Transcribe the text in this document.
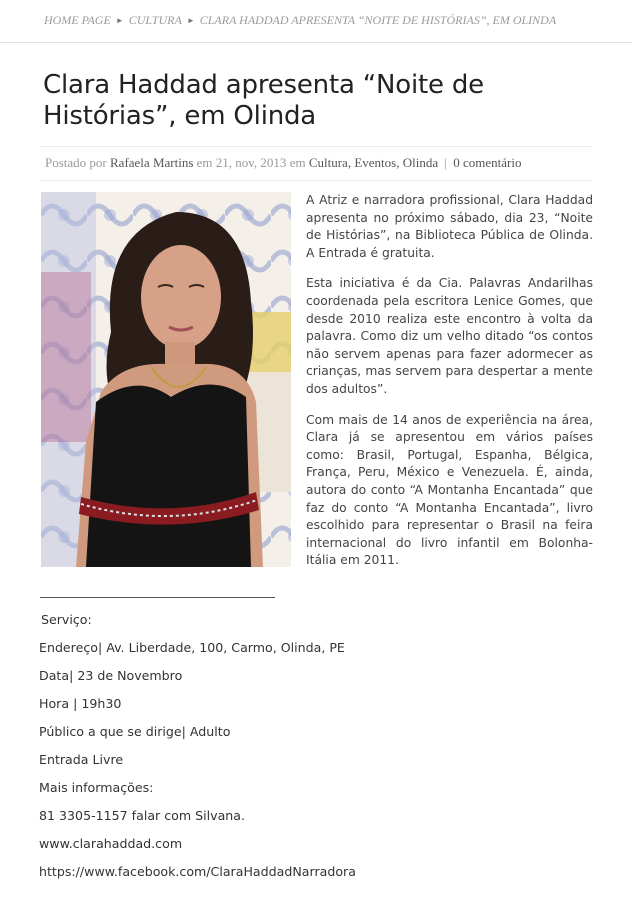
HOME PAGE ► CULTURA ► CLARA HADDAD APRESENTA “NOITE DE HISTÓRIAS”, EM OLINDA
Clara Haddad apresenta “Noite de Histórias”, em Olinda
Postado por Rafaela Martins em 21, nov, 2013 em Cultura, Eventos, Olinda | 0 comentário

A Atriz e narradora profissional, Clara Haddad apresenta no próximo sábado, dia 23, “Noite de Histórias”, na Biblioteca Pública de Olinda. A Entrada é gratuita.

Esta iniciativa é da Cia. Palavras Andarilhas coordenada pela escritora Lenice Gomes, que desde 2010 realiza este encontro à volta da palavra. Como diz um velho ditado “os contos não servem apenas para fazer adormecer as crianças, mas servem para despertar a mente dos adultos”.

Com mais de 14 anos de experiência na área, Clara já se apresentou em vários países como: Brasil, Portugal, Espanha, Bélgica, França, Peru, México e Venezuela. É, ainda, autora do conto “A Montanha Encantada” que faz do conto “A Montanha Encantada”, livro escolhido para representar o Brasil na feira internacional do livro infantil em Bolonha-Itália em 2011.

Serviço:
Endereço| Av. Liberdade, 100, Carmo, Olinda, PE
Data| 23 de Novembro
Hora | 19h30
Público a que se dirige| Adulto
Entrada Livre
Mais informações:
81 3305-1157 falar com Silvana.
www.clarahaddad.com
https://www.facebook.com/ClaraHaddadNarradora
